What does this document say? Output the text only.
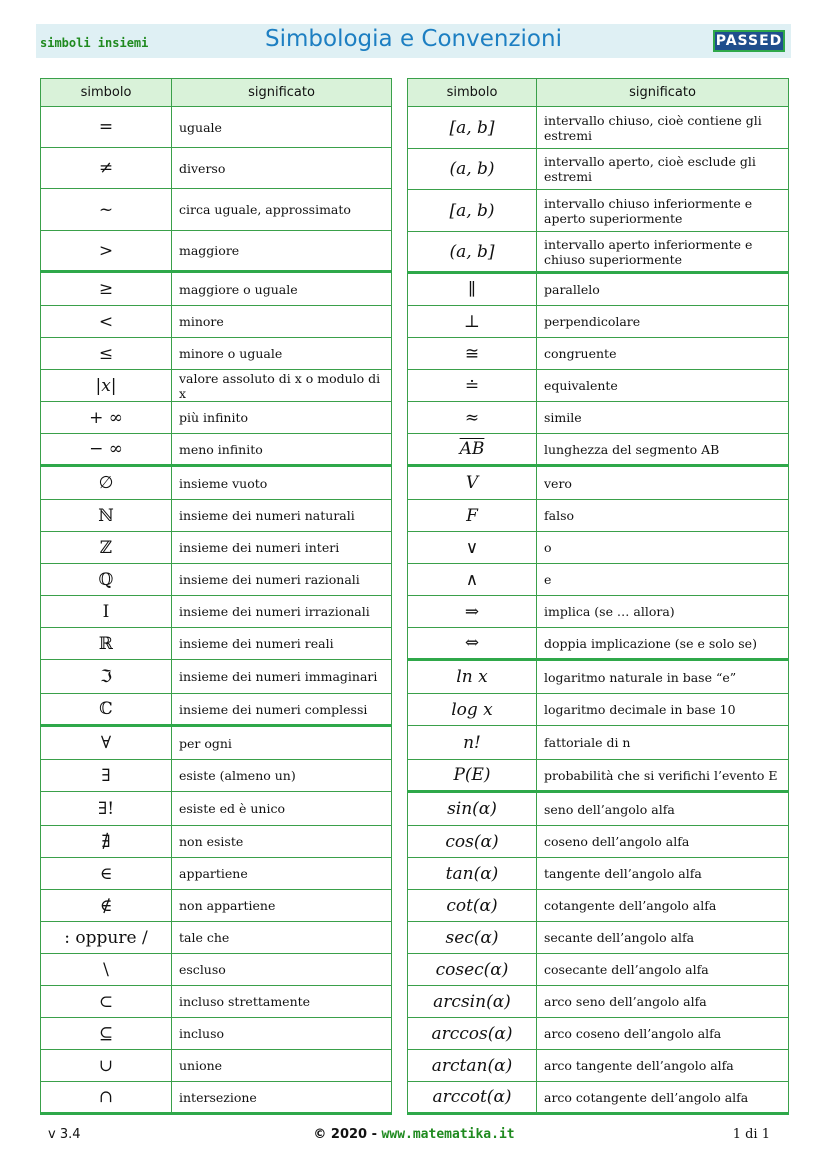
simboli insiemi	Simbologia e Convenzioni	PASSED
simbolo	significato
=	uguale
≠	diverso
~	circa uguale, approssimato
>	maggiore
≥	maggiore o uguale
<	minore
≤	minore o uguale
|x|	valore assoluto di x o modulo di x
+ ∞	più infinito
− ∞	meno infinito
∅	insieme vuoto
ℕ	insieme dei numeri naturali
ℤ	insieme dei numeri interi
ℚ	insieme dei numeri razionali
I	insieme dei numeri irrazionali
ℝ	insieme dei numeri reali
ℑ	insieme dei numeri immaginari
ℂ	insieme dei numeri complessi
∀	per ogni
∃	esiste (almeno un)
∃!	esiste ed è unico
∄	non esiste
∈	appartiene
∉	non appartiene
: oppure /	tale che
\	escluso
⊂	incluso strettamente
⊆	incluso
∪	unione
∩	intersezione
simbolo	significato
[a, b]	intervallo chiuso, cioè contiene gli estremi
(a, b)	intervallo aperto, cioè esclude gli estremi
[a, b)	intervallo chiuso inferiormente e aperto superiormente
(a, b]	intervallo aperto inferiormente e chiuso superiormente
∥	parallelo
⊥	perpendicolare
≅	congruente
≐	equivalente
≈	simile
$\overline{AB}$	lunghezza del segmento AB
V	vero
F	falso
∨	o
∧	e
⇒	implica (se … allora)
⇔	doppia implicazione (se e solo se)
ln x	logaritmo naturale in base “e”
log x	logaritmo decimale in base 10
n!	fattoriale di n
P(E)	probabilità che si verifichi l’evento E
sin(α)	seno dell’angolo alfa
cos(α)	coseno dell’angolo alfa
tan(α)	tangente dell’angolo alfa
cot(α)	cotangente dell’angolo alfa
sec(α)	secante dell’angolo alfa
cosec(α)	cosecante dell’angolo alfa
arcsin(α)	arco seno dell’angolo alfa
arccos(α)	arco coseno dell’angolo alfa
arctan(α)	arco tangente dell’angolo alfa
arccot(α)	arco cotangente dell’angolo alfa
v 3.4	© 2020 - www.matematika.it	1 di 1
